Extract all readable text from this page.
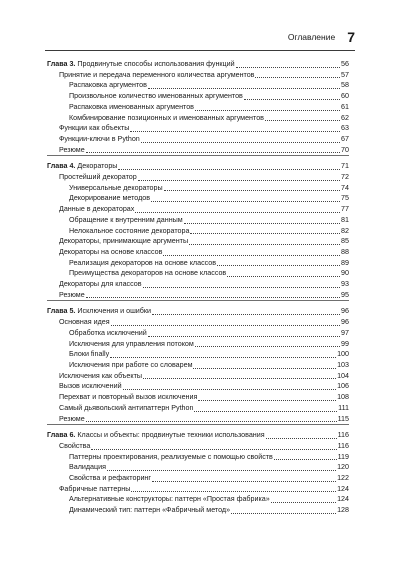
Оглавление 7
Глава 3. Продвинутые способы использования функций	56
Принятие и передача переменного количества аргументов	57
Распаковка аргументов	58
Произвольное количество именованных аргументов	60
Распаковка именованных аргументов	61
Комбинирование позиционных и именованных аргументов	62
Функции как объекты	63
Функции-ключи в Python	67
Резюме	70
Глава 4. Декораторы	71
Простейший декоратор	72
Универсальные декораторы	74
Декорирование методов	75
Данные в декораторах	77
Обращение к внутренним данным	81
Нелокальное состояние декоратора	82
Декораторы, принимающие аргументы	85
Декораторы на основе классов	88
Реализация декораторов на основе классов	89
Преимущества декораторов на основе классов	90
Декораторы для классов	93
Резюме	95
Глава 5. Исключения и ошибки	96
Основная идея	96
Обработка исключений	97
Исключения для управления потоком	99
Блоки finally	100
Исключения при работе со словарем	103
Исключения как объекты	104
Вызов исключений	106
Перехват и повторный вызов исключения	108
Самый дьявольский антипаттерн Python	111
Резюме	115
Глава 6. Классы и объекты: продвинутые техники использования	116
Свойства	116
Паттерны проектирования, реализуемые с помощью свойств	119
Валидация	120
Свойства и рефакторинг	122
Фабричные паттерны	124
Альтернативные конструкторы: паттерн «Простая фабрика»	124
Динамический тип: паттерн «Фабричный метод»	128
